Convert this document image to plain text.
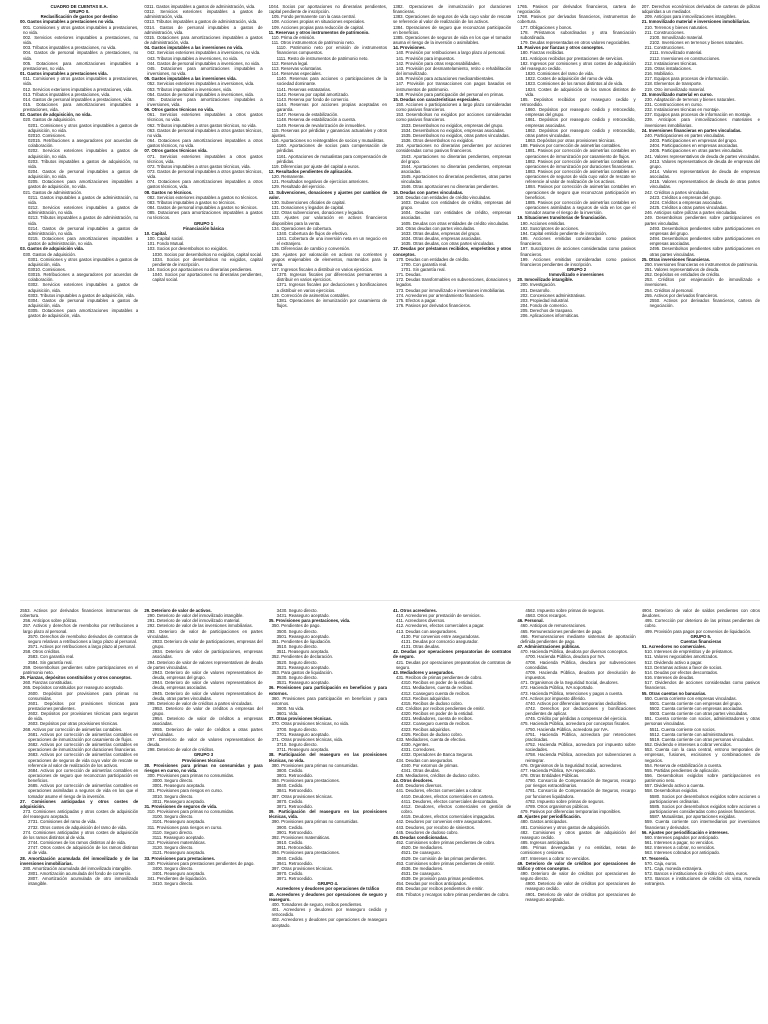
CUADRO DE CUENTAS E.A.
GRUPO 0.
Reclasificación de gastos por destino
00. Gastos imputables a prestaciones no vida.
001. Comisiones y otros gastos imputables a prestaciones, no vida.
002. Servicios exteriores imputables a prestaciones, no vida.
003. Tributos imputables a prestaciones, no vida.
004. Gastos de personal imputables a prestaciones, no vida.
005. Dotaciones para amortizaciones imputables a prestaciones, no vida.
01. Gastos imputables a prestaciones vida.
011. Comisiones y otros gastos imputables a prestaciones, vida.
012. Servicios exteriores imputables a prestaciones, vida.
013. Tributos imputables a prestaciones, vida.
014. Gastos de personal imputables a prestaciones, vida.
015. Dotaciones para amortizaciones imputables a prestaciones, vida.
02. Gastos de adquisición, no vida.
020. Gastos de adquisición.
0201. Comisiones y otros gastos imputables a gastos de adquisición, no vida.
02010. Comisiones.
02015. Retribuciones a aseguradores por acuerdos de colaboración.
0202. Servicios exteriores imputables a gastos de adquisición, no vida.
0203. Tributos imputables a gastos de adquisición, no vida.
0204. Gastos de personal imputables a gastos de adquisición, no vida.
0205. Dotaciones para amortizaciones imputables a gastos de adquisición, no vida.
021. Gastos de administración.
0211. Gastos imputables a gastos de administración, no vida.
0212. Servicios exteriores imputables a gastos de administración, no vida.
0213. Tributos imputables a gastos de administración, no vida.
0214. Gastos de personal imputables a gastos de administración, no vida.
0215. Dotaciones para amortizaciones imputables a gastos de administración, no vida.
03. Gastos de adquisición vida.
030. Gastos de adquisición.
0301. Comisiones y otros gastos imputables a gastos de adquisición, vida.
03010. Comisiones.
03015. Retribuciones a aseguradores por acuerdos de colaboración.
0302. Servicios exteriores imputables a gastos de adquisición, vida.
0303. Tributos imputables a gastos de adquisición, vida.
0304. Gastos de personal imputables a gastos de adquisición, vida.
0305. Dotaciones para amortizaciones imputables a gastos de adquisición, vida.
0311. Gastos imputables a gastos de administración, vida.
0312. Servicios exteriores imputables a gastos de administración, vida.
0313. Tributos imputables a gastos de administración, vida.
0314. Gastos de personal imputables a gastos de administración, vida.
0315. Dotaciones para amortizaciones imputables a gastos de administración, vida.
04. Gastos imputables a las inversiones no vida.
042. Servicios exteriores imputables a inversiones, no vida.
043. Tributos imputables a inversiones, no vida.
044. Gastos de personal imputables a inversiones, no vida.
045. Dotaciones para amortizaciones imputables a inversiones, no vida.
05. Gastos imputables a las inversiones vida.
052. Servicios exteriores imputables a inversiones, vida.
053. Tributos imputables a inversiones, vida.
054. Gastos de personal imputables a inversiones, vida.
055. Dotaciones para amortizaciones imputables a inversiones, vida.
06. Otros gastos técnicos no vida.
061. Servicios exteriores imputables a otros gastos técnicos, no vida.
062. Tributos imputables a otros gastos técnicos, no vida.
063. Gastos de personal imputables a otros gastos técnicos, no vida.
064. Dotaciones para amortizaciones imputables a otros gastos técnicos, no vida.
07. Otros gastos técnicos vida.
071. Servicios exteriores imputables a otros gastos técnicos, vida.
072. Tributos imputables a otros gastos técnicos, vida.
073. Gastos de personal imputables a otros gastos técnicos, vida.
074. Dotaciones para amortizaciones imputables a otros gastos técnicos, vida.
08. Gastos no técnicos.
082. Servicios exteriores imputables a gastos no técnicos.
083. Tributos imputables a gastos no técnicos.
084. Gastos de personal imputables a gastos no técnicos.
085. Dotaciones para amortizaciones imputables a gastos no técnicos.
GRUPO 1
Financiación básica
10. Capital.
100. Capital social.
101. Fondo Mutual.
103. Socios por desembolsos no exigidos.
1030. Socios por desembolsos no exigidos, capital social.
1034. Socios por desembolsos no exigidos, capital pendiente de inscripción.
104. Socios por aportaciones no dinerarias pendientes.
1040. Socios por aportaciones no dinerarias pendientes, capital social.
1044. Socios por aportaciones no dinerarias pendientes, capital pendiente de inscripción.
105. Fondo permanente con la casa central.
108. Acciones propias en situaciones especiales.
109. Acciones propias para reducción de capital.
11. Reservas y otros instrumentos de patrimonio.
110. Prima de emisión.
111. Otros instrumentos de patrimonio neto.
1110. Patrimonio neto por emisión de instrumentos financieros compuestos.
1111. Resto de instrumentos de patrimonio neto.
112. Reserva legal.
113. Reservas voluntarias.
114. Reservas especiales.
1140. Reservas para acciones o participaciones de la sociedad dominante.
1141. Reservas estatutarias.
1142. Reserva por capital amortizado.
1143. Reserva por fondo de comercio.
1144. Reservas por acciones propias aceptadas en garantía.
1147. Reserva de estabilización.
1148. Reserva de estabilización a cuenta.
1149. Reserva de revalorización de inmuebles.
115. Reservas por pérdidas y ganancias actuariales y otros ajustes.
116. Aportaciones no reintegrables de socios y mutualistas.
1160. Aportaciones de socios para compensación de pérdidas.
1161. Aportaciones de mutualistas para compensación de pérdidas.
119. Diferencias por ajuste del capital a euros.
12. Resultados pendientes de aplicación.
120. Remanente.
121. Resultados negativos de ejercicios anteriores.
129. Resultado del ejercicio.
13. Subvenciones, donaciones y ajustes por cambios de valor.
130. Subvenciones oficiales de capital.
131. Donaciones y legados de capital.
132. Otras subvenciones, donaciones y legados.
133. Ajustes por valoración en activos financieros disponibles para la venta.
134. Operaciones de cobertura.
1340. Cobertura de flujos de efectivo.
1341. Cobertura de una inversión neta en un negocio en el extranjero.
135. Diferencias de cambio y conversión.
136. Ajustes por valoración en activos no corrientes y grupos enajenables de elementos, mantenidos para la venta.
137. Ingresos fiscales a distribuir en varios ejercicios.
1370. Ingresos fiscales por diferencias permanentes a distribuir en varios ejercicios.
1371. Ingresos fiscales por deducciones y bonificaciones a distribuir en varios ejercicios.
138. Corrección de asimetrías contables.
1381. Operaciones de inmunización por casamiento de flujos.
1382. Operaciones de inmunización por duraciones financieras.
1383. Operaciones de seguros de vida cuyo valor de rescate se referencie al valor de realización de los activos.
1384. Operaciones de seguro que reconozcan participación en beneficios.
1385. Operaciones de seguros de vida en los que el tomador asuma el riesgo de la inversión o asimilables.
14. Provisiones.
140. Provisión por retribuciones a largo plazo al personal.
141. Provisión para impuestos.
142. Provisión para otras responsabilidades.
143. Provisión por desmantelamiento, retiro o rehabilitación del inmovilizado.
145. Provisión para actuaciones medioambientales.
147. Provisión por transacciones con pagos basados en instrumentos de patrimonio.
148. Provisión para participación del personal en primas.
15. Deudas con características especiales.
150. Acciones o participaciones a largo plazo consideradas como pasivos financieros.
153. Desembolsos no exigidos por acciones consideradas como pasivos financieros.
1533. Desembolsos no exigidos, empresas del grupo.
1534. Desembolsos no exigidos, empresas asociadas.
1535. Desembolsos no exigidos, otras partes vinculadas.
1536. Otros desembolsos no exigidos.
154. Aportaciones no dinerarias pendientes por acciones consideradas como pasivos financieros.
1543. Aportaciones no dinerarias pendientes, empresas del grupo.
1544. Aportaciones no dinerarias pendientes, empresas asociadas.
1545. Aportaciones no dinerarias pendientes, otras partes vinculadas.
1546. Otras aportaciones no dinerarias pendientes.
16. Deudas con partes vinculadas.
160. Deudas con entidades de crédito vinculadas.
1603. Deudas con entidades de crédito, empresas del grupo.
1604. Deudas con entidades de crédito, empresas asociadas.
1605. Deudas con otras entidades de crédito vinculadas.
163. Otras deudas con partes vinculadas.
1633. Otras deudas, empresas del grupo.
1634. Otras deudas, empresas asociadas.
1635. Otras deudas, con otras partes vinculadas.
17. Deudas por préstamos recibidos, empréstitos y otros conceptos.
170. Deudas con entidades de crédito.
1700. Con garantía real.
1701. Sin garantía real.
171. Deudas.
172. Deudas transformables en subvenciones, donaciones y legados.
173. Deudas por inmovilizado e inversiones inmobiliarias.
174. Acreedores por arrendamiento financiero.
175. Efectos a pagar.
176. Pasivos por derivados financieros.
1765. Pasivos por derivados financieros, cartera de negociación.
1768. Pasivos por derivados financieros, instrumentos de cobertura.
177. Obligaciones y bonos.
178. Préstamos subordinados y otra financiación subordinada.
179. Deudas representadas en otros valores negociables.
18. Pasivos por fianzas y otros conceptos.
180. Fianzas recibidas.
181. Anticipos recibidos por prestaciones de servicios.
182. Ingresos por comisiones y otros costes de adquisición del reaseguro cedido.
1820. Comisiones del ramo de vida.
1822. Costes de adquisición del ramo de vida.
1823. Comisiones de los ramos distintos al de vida.
1824. Costes de adquisición de los ramos distintos de vida.
185. Depósitos recibidos por reaseguro cedido y retrocedido.
1860. Depósitos por reaseguro cedido y retrocedido, empresas del grupo.
1861. Depósitos por reaseguro cedido y retrocedido, empresas asociadas.
1862. Depósitos por reaseguro cedido y retrocedido, otras partes vinculadas.
1863. Depósitos por otras provisiones técnicas.
188. Pasivos por corrección de asimetrías contables.
1881. Pasivos por corrección de asimetrías contables en operaciones de inmunización por casamiento de flujos.
1882. Pasivos por corrección de asimetrías contables en operaciones de inmunización por duraciones financieras.
1883. Pasivos por corrección de asimetrías contables en operaciones de seguros de vida cuyo valor de rescate se referencie al valor de realización de los activos.
1884. Pasivos por corrección de asimetrías contables en operaciones de seguro que reconozcan participación en beneficios.
1885. Pasivos por corrección de asimetrías contables en operaciones asimiladas a seguros de vida en los que el tomador asume el riesgo de la inversión.
19. Situaciones transitorias de financiación.
190. Acciones emitidas.
192. Suscriptores de acciones.
194. Capital emitido pendiente de inscripción.
195. Acciones emitidas consideradas como pasivos financieros.
197. Suscriptores de acciones consideradas como pasivos financieros.
199. Acciones emitidas consideradas como pasivos financieros pendientes de inscripción.
GRUPO 2
Inmovilizado e inversiones
20. Inmovilizado intangible.
200. Investigación.
201. Desarrollo.
202. Concesiones administrativas.
203. Propiedad industrial.
204. Fondo de comercio.
205. Derechos de traspaso.
206. Aplicaciones informáticas.
207. Derechos económicos derivados de carteras de pólizas adquiridas a un mediador.
209. Anticipos para inmovilizaciones intangibles.
21. Inmovilizado material e inversiones inmobiliarias.
210. Terrenos y bienes naturales.
211. Construcciones.
2100. Inmovilizado material.
2102. Inversiones en terrenos y bienes naturales.
211. Construcciones.
2111. Inmovilizado material.
2112. Inversiones en construcciones.
212. Instalaciones técnicas.
215. Otras instalaciones.
216. Mobiliario.
217. Equipos para procesos de información.
218. Elementos de transporte.
219. Otro inmovilizado material.
23. Inmovilizado material en curso.
230. Adaptación de terrenos y bienes naturales.
231. Construcciones en curso.
232. Instalaciones técnicas en montaje.
237. Equipos para procesos de información en montaje.
239. Anticipos para inmovilizaciones materiales e inversiones inmobiliarias.
24. Inversiones financieras en partes vinculadas.
240. Participaciones en partes vinculadas.
2403. Participaciones en empresas del grupo.
2404. Participaciones en empresas asociadas.
2405. Participaciones en otras partes vinculadas.
241. Valores representativos de deuda de partes vinculadas.
2413. Valores representativos de deuda de empresas del grupo.
2414. Valores representativos de deuda de empresas asociadas.
2415. Valores representativos de deuda de otras partes vinculadas.
242. Créditos a partes vinculadas.
2423. Créditos a empresas del grupo.
2424. Créditos a empresas asociadas.
2425. Créditos a otras partes vinculadas.
246. Anticipos sobre pólizas a partes vinculadas.
249. Desembolsos pendientes sobre participaciones en partes vinculadas.
2493. Desembolsos pendientes sobre participaciones en empresas del grupo.
2494. Desembolsos pendientes sobre participaciones en empresas asociadas.
2495. Desembolsos pendientes sobre participaciones en otras partes vinculadas.
25. Otras inversiones financieras.
250. Inversiones financieras en instrumentos de patrimonio.
251. Valores representativos de deuda.
252. Depósitos en entidades de crédito.
253. Créditos por enajenación de inmovilizado e inversiones.
254. Créditos al personal.
255. Activos por derivados financieros.
2550. Activos por derivados financieros, cartera de negociación.
2553. Activos por derivados financieros instrumentos de cobertura.
256. Anticipos sobre pólizas.
257. Activos y derechos de reembolso por retribuciones a largo plazo al personal.
2570. Derechos de reembolso derivados de contratos de seguro relativos a retribuciones a largo plazo al personal.
2571. Activos por retribuciones a largo plazo al personal.
258. Otros créditos.
2583. Con garantía real.
2584. Sin garantía real.
259. Desembolsos pendientes sobre participaciones en el patrimonio neto.
26. Fianzas, depósitos constituidos y otros conceptos.
260. Fianzas constituidas.
265. Depósitos constituidos por reaseguro aceptado.
2600. Depósitos por provisiones para primas no consumidas.
2601. Depósitos por provisiones técnicas para prestaciones pendientes.
2602. Depósitos por provisiones técnicas para seguros de vida.
2603. Depósitos por otras provisiones técnicas.
268. Activos por corrección de asimetrías contables.
2681. Activos por corrección de asimetrías contables en operaciones de inmunización por casamiento de flujos.
2682. Activos por corrección de asimetrías contables en operaciones de inmunización por duraciones financieras.
2683. Activos por corrección de asimetrías contables en operaciones de seguros de vida cuyo valor de rescate se referencie al valor de realización de los activos.
2684. Activos por corrección de asimetrías contables en operaciones de seguro que reconozcan participación en beneficios.
2685. Activos por corrección de asimetrías contables en operaciones asimiladas a seguros de vida en los que el tomador asume el riesgo de la inversión.
27. Comisiones anticipadas y otros costes de adquisición.
273. Comisiones anticipadas y otros costes de adquisición del reaseguro aceptado.
2731. Comisiones del ramo de vida.
2732. Otros costes de adquisición del ramo de vida.
274. Comisiones anticipadas y otros costes de adquisición de los ramos distintos al de vida.
2744. Comisiones de los ramos distintos al de vida.
2747. Otros costes de adquisición de los ramos distintos al de vida.
28. Amortización acumulada del inmovilizado y de las inversiones inmobiliarias.
280. Amortización acumulada del inmovilizado intangible.
2801. Amortización acumulada del fondo de comercio.
2807. Amortización acumulada de otro inmovilizado intangible.
29. Deterioro de valor de activos.
290. Deterioro de valor del inmovilizado intangible.
291. Deterioro de valor del inmovilizado material.
292. Deterioro de valor de las inversiones inmobiliarias.
293. Deterioro de valor de participaciones en partes vinculadas.
2933. Deterioro de valor de participaciones, empresas del grupo.
2934. Deterioro de valor de participaciones, empresas asociadas.
294. Deterioro de valor de valores representativos de deuda de partes vinculadas.
2943. Deterioro de valor de valores representativos de deuda, empresas del grupo.
2944. Deterioro de valor de valores representativos de deuda, empresas asociadas.
2945. Deterioro de valor de valores representativos de deuda, otras partes vinculadas.
295. Deterioro de valor de créditos a partes vinculadas.
2953. Deterioro de valor de créditos a empresas del grupo.
2954. Deterioro de valor de créditos a empresas asociadas.
2955. Deterioro de valor de créditos a otras partes vinculadas.
297. Deterioro de valor de valores representativos de deuda.
298. Deterioro de valor de créditos.
GRUPO 3
Provisiones técnicas
30. Provisiones para primas no consumidas y para riesgos en curso, no vida.
300. Provisiones para primas no consumidas.
3000. Seguro directo.
3001. Reaseguro aceptado.
301. Provisiones para riesgos en curso.
3010. Seguro directo.
3011. Reaseguro aceptado.
31. Provisiones de seguros de vida.
310. Provisiones para primas no consumidas.
3100. Seguro directo.
3101. Reaseguro aceptado.
311. Provisiones para riesgos en curso.
3110. Seguro directo.
3111. Reaseguro aceptado.
312. Provisiones matemáticas.
3120. Seguro directo.
3121. Reaseguro aceptado.
33. Provisiones para prestaciones.
340. Provisiones para prestaciones pendientes de pago.
3400. Seguro directo.
3401. Reaseguro aceptado.
341. Pendientes de liquidación.
3410. Seguro directo.
3430. Seguro directo.
3431. Reaseguro aceptado.
35. Provisiones para prestaciones, vida.
350. Pendientes de pago.
3500. Seguro directo.
3501. Reaseguro aceptado.
351. Pendientes de liquidación.
3510. Seguro directo.
3511. Reaseguro aceptado.
352. Pendientes de declaración.
3520. Seguro directo.
3521. Reaseguro aceptado.
353. Para gastos de liquidación.
3530. Seguro directo.
3531. Reaseguro aceptado.
36. Provisiones para participación en beneficios y para extornos.
360. Provisiones para participación en beneficios y para extornos.
3600. No vida.
3601. Vida.
37. Otras provisiones técnicas.
370. Otras provisiones técnicas, no vida.
3700. Seguro directo.
3701. Reaseguro aceptado.
371. Otras provisiones técnicas, vida.
3710. Seguro directo.
3711. Reaseguro aceptado.
38. Participación del reaseguro en las provisiones técnicas, no vida.
380. Provisiones para primas no consumidas.
3800. Cedido.
3801. Retrocedido.
384. Provisiones para prestaciones.
3840. Cedido.
3841. Retrocedido.
387. Otras provisiones técnicas.
3870. Cedido.
3871. Retrocedido.
39. Participación del reaseguro en las provisiones técnicas, vida.
390. Provisiones para primas no consumidas.
3900. Cedido.
3901. Retrocedido.
392. Provisiones matemáticas.
3910. Cedido.
3911. Retrocedido.
394. Provisiones para prestaciones.
3940. Cedido.
3941. Retrocedido.
397. Otras provisiones técnicas.
3970. Cedido.
3971. Retrocedido.
GRUPO 4.
Acreedores y deudores por operaciones de tráfico
40. Acreedores y deudores por operaciones de seguro y reaseguro.
400. Tomadores de seguro, recibos pendientes.
401. Acreedores y deudores por reaseguro cedido y retrocedido.
402. Acreedores y deudores por operaciones de reaseguro aceptado.
41. Otros acreedores.
410. Acreedores por prestación de servicios.
411. Acreedores diversos.
412. Acreedores, efectos comerciales a pagar.
413. Deudas con aseguradores.
4130. Por convenios entre aseguradoras.
4131. Deudas por consorcio asegurador.
4131. Otras deudas.
42. Deudas por operaciones preparatorias de contratos de seguro.
421. Deudas por operaciones preparatorias de contratos de seguro.
43. Mediadores y asegurados.
431. Recibos de primas pendientes de cobro.
4310. Recibos en poder de la entidad.
4311. Mediadores, cuenta de recibos.
4312. Coaseguro cuenta de recibos.
4313. Recibos adquiridos.
4315. Recibos de dudoso cobro.
432. Créditos por recibos pendientes de emitir.
4320. Recibos en poder de la entidad.
4321. Mediadores, cuenta de recibos.
4322. Coaseguro cuenta de recibos.
4323. Recibos adquiridos.
4325. Recibos de dudoso cobro.
433. Mediadores, cuenta de efectivo.
4330. Agentes.
4331. Corredores.
4332. Operadores de Banca Seguros.
434. Deudas con asegurados.
4340. Por extornos de primas.
4341. Otras deudas.
435. Mediadores, créditos de dudoso cobro.
44. Otros deudores.
440. Deudores diversos.
441. Deudores, efectos comerciales a cobrar.
4410. Deudores, efectos comerciales en cartera.
4411. Deudores, efectos comerciales descontados.
4412. Deudores, efectos comerciales en gestión de cobro.
4415. Deudores, efectos comerciales impagados.
442. Deudores por convenios entre aseguradores.
443. Deudores, por recobro de siniestros.
445. Deudores de dudoso cobro.
45. Deudas condicionadas.
452. Comisiones sobre primas pendientes de cobro.
4520. De mediadores.
4521. De coaseguro.
4529. De comisión de las primas pendientes.
453. Comisiones sobre primas pendientes de emitir.
4536. De mediadores.
4531. De coaseguro.
4539. De provisión para primas pendientes.
454. Deudas por recibos anticipados.
455. Deudas por recibos pendientes de emitir.
456. Tributos y recargos sobre primas pendientes de cobro.
4562. Impuesto sobre primas de seguros.
4563. Otros recargos.
46. Personal.
460. Anticipos de remuneraciones.
465. Remuneraciones pendientes de pago.
466. Remuneraciones mediante sistemas de aportación definida pendientes de pago.
47. Administraciones públicas.
470. Hacienda Pública, deudora por diversos conceptos.
4700. Hacienda Pública, deudora por IVA.
4708. Hacienda Pública, deudora por subvenciones concedidas.
4709. Hacienda Pública, deudora por devolución de impuestos.
471. Organismos de la Seguridad Social, deudores.
472. Hacienda Pública, IVA soportado.
473. Hacienda Pública, retenciones y pagos a cuenta.
474. Activos por impuesto diferido.
4740. Activos por diferencias temporarias deducibles.
4742. Derechos por deducciones y bonificaciones pendientes de aplicar.
4745. Crédito por pérdidas a compensar del ejercicio.
475. Hacienda Pública, acreedora por conceptos fiscales.
4750. Hacienda Pública, acreedora por IVA.
4751. Hacienda Pública, acreedora por retenciones practicadas.
4752. Hacienda Pública, acreedora por impuesto sobre sociedades.
4758. Hacienda Pública, acreedora por subvenciones a reintegrar.
476. Organismos de la Seguridad Social, acreedores.
477. Hacienda Pública, IVA repercutido.
478. Otras Entidades Públicas.
4780. Consorcio de Compensación de Seguros, recargo por riesgos extraordinarios.
4781. Consorcio de Compensación de Seguros, recargo por funciones liquidadora.
4782. Impuesto sobre primas de seguros.
4789. Otros organismos públicos.
479. Pasivos por diferencias temporarias imponibles.
48. Ajustes por periodificación.
480. Gastos anticipados.
481. Comisiones y otros gastos de adquisición.
482. Comisiones y otros gastos de adquisición del reaseguro cedido.
485. Ingresos anticipados.
486. Primas devengadas y no emitidas, netas de comisiones y cesiones.
487. Intereses a cobrar no vencidos.
49. Deterioro de valor de créditos por operaciones de tráfico y otros conceptos.
490. Deterioro de valor de créditos por operaciones de seguro directo.
4900. Deterioro de valor de créditos por operaciones de reaseguro cedido.
4901. Deterioro de valor de créditos por operaciones de reaseguro aceptado.
4904. Deterioro de valor de saldos pendientes con otros deudores.
495. Corrección por deterioro de las primas pendientes de cobro.
499. Provisión para pagos por convenios de liquidación.
GRUPO 5.
Cuentas financieras
51. Acreedores no comerciales.
510. Intereses de empréstitos y de préstamos.
511. Valores negociables amortizados.
512. Dividendo activo a pagar.
513. Derramas activas a favor de socios.
514. Deudas por efectos descontados.
516. Intereses de deudas.
517. Dividendos de acciones consideradas como pasivos financieros.
55. Otras cuentas no bancarias.
550. Cuenta corriente con empresas vinculadas.
5501. Cuenta corriente con empresas del grupo.
5502. Cuenta corriente con empresas asociadas.
5503. Cuenta corriente con otras partes vinculadas.
551. Cuenta corriente con socios, administradores y otras personas vinculadas.
5511. Cuenta corriente con socios.
5512. Cuenta corriente con administradores.
5519. Cuenta corriente con otras personas vinculadas.
552. Dividendo e intereses a cobrar vencidos.
553. Cuenta con la casa central, entrono temporales de empresas, fusiones, escisiones y combinaciones de negocios.
554. Reserva de estabilización a cuenta.
555. Partidas pendientes de aplicación.
556. Desembolsos exigidos sobre participaciones en patrimonio neto.
557. Dividendo activo a cuenta.
558. Desembolsos exigidos.
5580. Socios por desembolsos exigidos sobre acciones o participaciones ordinarias.
5585. Socios por desembolsos exigidos sobre acciones o participaciones consideradas como pasivos financieros.
5587. Mutualistas, por aportaciones exigidas.
559. Cuenta corriente con intermediarios por inversiones financieras y derivados.
56. Ajustes por periodificación e intereses.
560. Intereses pagados por anticipado.
561. Intereses a pagar, no vencidos.
562. Intereses a cobrar, no vencidos.
563. Intereses cobrados por anticipado.
57. Tesorería.
570. Caja, euros.
571. Caja, moneda extranjera.
572. Bancos e instituciones de crédito c/c vista, euros.
573. Bancos e instituciones de crédito c/c vista, moneda extranjera.
